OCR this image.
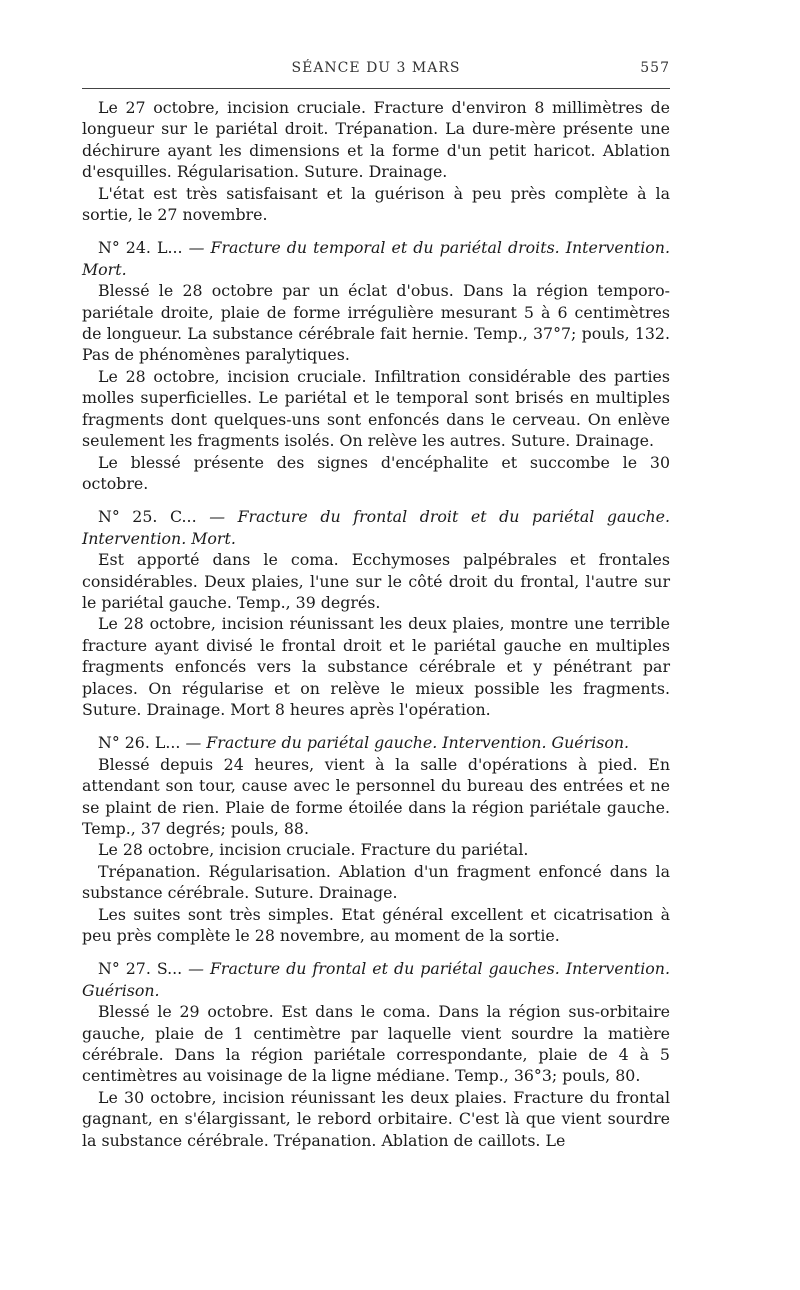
SÉANCE DU 3 MARS	557

Le 27 octobre, incision cruciale. Fracture d'environ 8 millimètres de longueur sur le pariétal droit. Trépanation. La dure-mère présente une déchirure ayant les dimensions et la forme d'un petit haricot. Ablation d'esquilles. Régularisation. Suture. Drainage.

L'état est très satisfaisant et la guérison à peu près complète à la sortie, le 27 novembre.

N° 24. L... — Fracture du temporal et du pariétal droits. Intervention. Mort.

Blessé le 28 octobre par un éclat d'obus. Dans la région temporo-pariétale droite, plaie de forme irrégulière mesurant 5 à 6 centimètres de longueur. La substance cérébrale fait hernie. Temp., 37°7; pouls, 132. Pas de phénomènes paralytiques.

Le 28 octobre, incision cruciale. Infiltration considérable des parties molles superficielles. Le pariétal et le temporal sont brisés en multiples fragments dont quelques-uns sont enfoncés dans le cerveau. On enlève seulement les fragments isolés. On relève les autres. Suture. Drainage.

Le blessé présente des signes d'encéphalite et succombe le 30 octobre.

N° 25. C... — Fracture du frontal droit et du pariétal gauche. Intervention. Mort.

Est apporté dans le coma. Ecchymoses palpébrales et frontales considérables. Deux plaies, l'une sur le côté droit du frontal, l'autre sur le pariétal gauche. Temp., 39 degrés.

Le 28 octobre, incision réunissant les deux plaies, montre une terrible fracture ayant divisé le frontal droit et le pariétal gauche en multiples fragments enfoncés vers la substance cérébrale et y pénétrant par places. On régularise et on relève le mieux possible les fragments. Suture. Drainage. Mort 8 heures après l'opération.

N° 26. L... — Fracture du pariétal gauche. Intervention. Guérison.

Blessé depuis 24 heures, vient à la salle d'opérations à pied. En attendant son tour, cause avec le personnel du bureau des entrées et ne se plaint de rien. Plaie de forme étoilée dans la région pariétale gauche. Temp., 37 degrés; pouls, 88.

Le 28 octobre, incision cruciale. Fracture du pariétal.

Trépanation. Régularisation. Ablation d'un fragment enfoncé dans la substance cérébrale. Suture. Drainage.

Les suites sont très simples. Etat général excellent et cicatrisation à peu près complète le 28 novembre, au moment de la sortie.

N° 27. S... — Fracture du frontal et du pariétal gauches. Intervention. Guérison.

Blessé le 29 octobre. Est dans le coma. Dans la région sus-orbitaire gauche, plaie de 1 centimètre par laquelle vient sourdre la matière cérébrale. Dans la région pariétale correspondante, plaie de 4 à 5 centimètres au voisinage de la ligne médiane. Temp., 36°3; pouls, 80.

Le 30 octobre, incision réunissant les deux plaies. Fracture du frontal gagnant, en s'élargissant, le rebord orbitaire. C'est là que vient sourdre la substance cérébrale. Trépanation. Ablation de caillots. Le
